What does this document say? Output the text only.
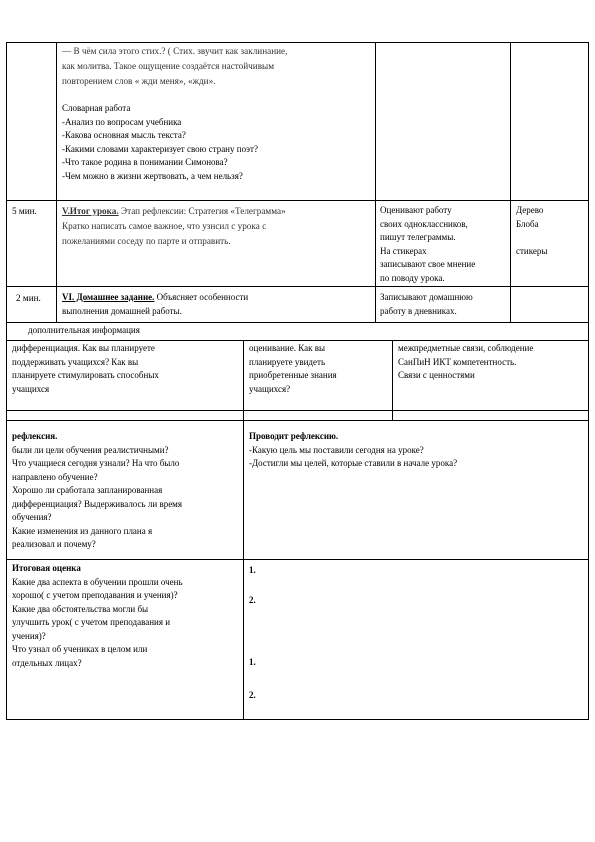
— В чём сила этого стих.? ( Стих. звучит как заклинание,
как молитва. Такое ощущение создаётся настойчивым
повторением слов « жди меня», «жди».
Словарная работа
-Анализ по вопросам учебника
-Какова основная мысль текста?
-Какими словами характеризует свою страну поэт?
-Что такое родина в понимании Симонова?
-Чем можно в жизни жертвовать, а чем нельзя?
5 мин.	V.Итог урока. Этап рефлексии: Стратегия «Телеграмма»
Кратко написать самое важное, что узнсил с урока с
пожеланиями соседу по парте и отправить.
Оценивают работу
своих одноклассников,
пишут телеграммы.
На стикерах
записывают свое мнение
по поводу урока.
Дерево
Блоба
стикеры
2 мин. VI. Домашнее задание. Объясняет особенности
выполнения домашней работы.
Записывают домашнюю
работу в дневниках.
дополнительная информация
дифференциация. Как вы планируете
поддерживать учащихся? Как вы
планируете стимулировать способных
учащихся
оценивание. Как вы
планируете увидеть
приобретенные знания
учащихся?
межпредметные связи, соблюдение
СанПиН ИКТ компетентность.
Связи с ценностями
рефлексия.
были ли цели обучения реалистичными?
Что учащиеся сегодня узнали? На что было
направлено обучение?
Хорошо ли сработала запланированная
дифференциация? Выдерживалось ли время
обучения?
Какие изменения из данного плана я
реализовал и почему?
Проводит рефлексию.
-Какую цель мы поставили сегодня на уроке?
-Достигли мы целей, которые ставили в начале урока?
Итоговая оценка
Какие два аспекта в обучении прошли очень
хорошо( с учетом преподавания и учения)?
Какие два обстоятельства могли бы
улучшить урок( с учетом преподавания и
учения)?
Что узнал об учениках в целом или
отдельных лицах?
1.
2.
1.
2.
